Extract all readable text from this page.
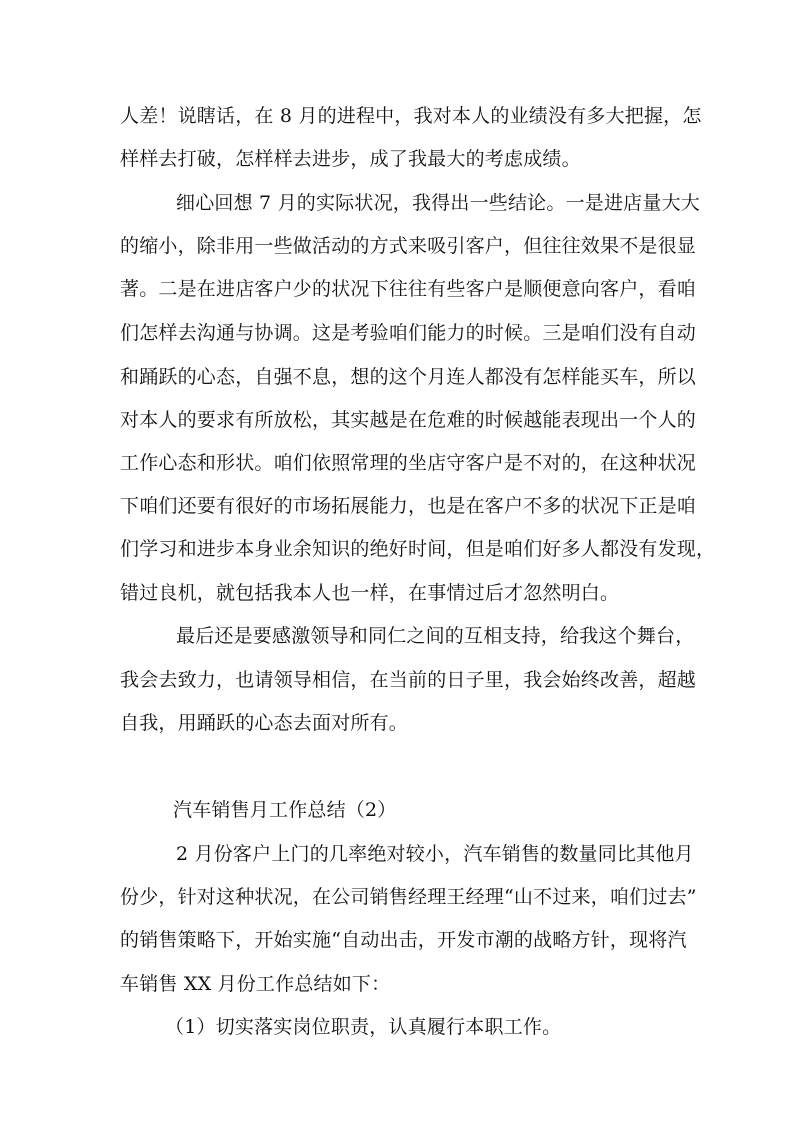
人差！说瞎话，在 8 月的进程中，我对本人的业绩没有多大把握，怎
样样去打破，怎样样去进步，成了我最大的考虑成绩。
细心回想 7 月的实际状况，我得出一些结论。一是进店量大大
的缩小，除非用一些做活动的方式来吸引客户，但往往效果不是很显
著。二是在进店客户少的状况下往往有些客户是顺便意向客户，看咱
们怎样去沟通与协调。这是考验咱们能力的时候。三是咱们没有自动
和踊跃的心态，自强不息，想的这个月连人都没有怎样能买车，所以
对本人的要求有所放松，其实越是在危难的时候越能表现出一个人的
工作心态和形状。咱们依照常理的坐店守客户是不对的，在这种状况
下咱们还要有很好的市场拓展能力，也是在客户不多的状况下正是咱
们学习和进步本身业余知识的绝好时间，但是咱们好多人都没有发现，
错过良机，就包括我本人也一样，在事情过后才忽然明白。
最后还是要感激领导和同仁之间的互相支持，给我这个舞台，
我会去致力，也请领导相信，在当前的日子里，我会始终改善，超越
自我，用踊跃的心态去面对所有。
汽车销售月工作总结（2）
2 月份客户上门的几率绝对较小，汽车销售的数量同比其他月
份少，针对这种状况，在公司销售经理王经理“山不过来，咱们过去”
的销售策略下，开始实施“自动出击，开发市潮的战略方针，现将汽
车销售 XX 月份工作总结如下：
（1）切实落实岗位职责，认真履行本职工作。
